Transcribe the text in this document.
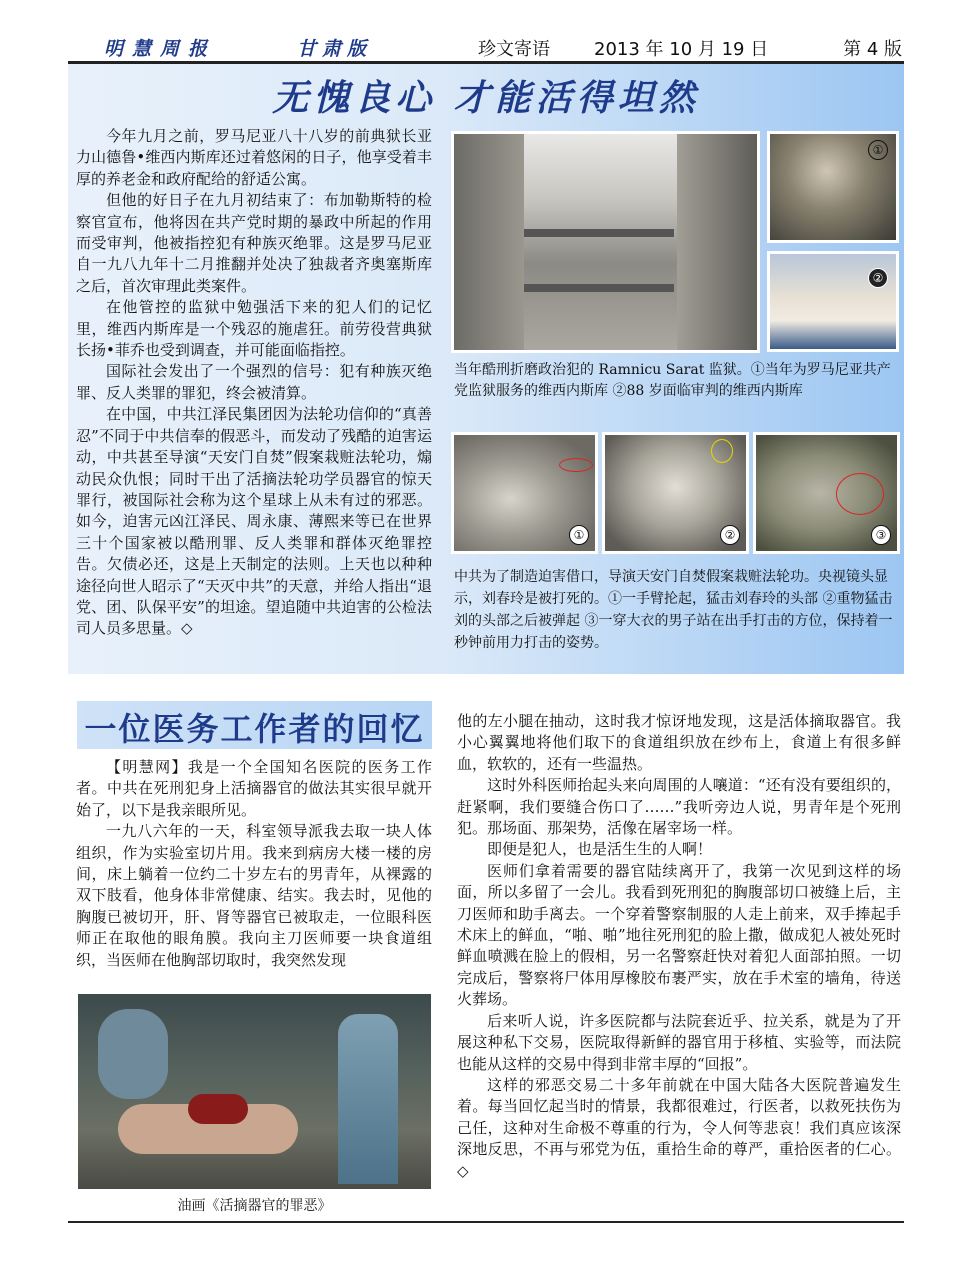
明慧周报	甘肃版	珍文寄语 2013 年 10 月 19 日	第 4 版
无愧良心 才能活得坦然

今年九月之前，罗马尼亚八十八岁的前典狱长亚力山德鲁•维西内斯库还过着悠闲的日子，他享受着丰厚的养老金和政府配给的舒适公寓。

但他的好日子在九月初结束了：布加勒斯特的检察官宣布，他将因在共产党时期的暴政中所起的作用而受审判，他被指控犯有种族灭绝罪。这是罗马尼亚自一九八九年十二月推翻并处决了独裁者齐奥塞斯库之后，首次审理此类案件。

在他管控的监狱中勉强活下来的犯人们的记忆里，维西内斯库是一个残忍的施虐狂。前劳役营典狱长扬•菲乔也受到调查，并可能面临指控。

国际社会发出了一个强烈的信号：犯有种族灭绝罪、反人类罪的罪犯，终会被清算。

在中国，中共江泽民集团因为法轮功信仰的“真善忍”不同于中共信奉的假恶斗，而发动了残酷的迫害运动，中共甚至导演“天安门自焚”假案栽赃法轮功，煽动民众仇恨；同时干出了活摘法轮功学员器官的惊天罪行，被国际社会称为这个星球上从未有过的邪恶。如今，迫害元凶江泽民、周永康、薄熙来等已在世界三十个国家被以酷刑罪、反人类罪和群体灭绝罪控告。欠债必还，这是上天制定的法则。上天也以种种途径向世人昭示了“天灭中共”的天意，并给人指出“退党、团、队保平安”的坦途。望追随中共迫害的公检法司人员多思量。◇

①
②
当年酷刑折磨政治犯的 Ramnicu Sarat 监狱。①当年为罗马尼亚共产党监狱服务的维西内斯库 ②88 岁面临审判的维西内斯库
①	②	③
中共为了制造迫害借口，导演天安门自焚假案栽赃法轮功。央视镜头显示，刘春玲是被打死的。①一手臂抡起，猛击刘春玲的头部 ②重物猛击刘的头部之后被弹起 ③一穿大衣的男子站在出手打击的方位，保持着一秒钟前用力打击的姿势。
一位医务工作者的回忆

【明慧网】我是一个全国知名医院的医务工作者。中共在死刑犯身上活摘器官的做法其实很早就开始了，以下是我亲眼所见。

一九八六年的一天，科室领导派我去取一块人体组织，作为实验室切片用。我来到病房大楼一楼的房间，床上躺着一位约二十岁左右的男青年，从裸露的双下肢看，他身体非常健康、结实。我去时，见他的胸腹已被切开，肝、肾等器官已被取走，一位眼科医师正在取他的眼角膜。我向主刀医师要一块食道组织，当医师在他胸部切取时，我突然发现

油画《活摘器官的罪恶》

他的左小腿在抽动，这时我才惊讶地发现，这是活体摘取器官。我小心翼翼地将他们取下的食道组织放在纱布上，食道上有很多鲜血，软软的，还有一些温热。

这时外科医师抬起头来向周围的人嚷道：“还有没有要组织的，赶紧啊，我们要缝合伤口了……”我听旁边人说，男青年是个死刑犯。那场面、那架势，活像在屠宰场一样。

即便是犯人，也是活生生的人啊！

医师们拿着需要的器官陆续离开了，我第一次见到这样的场面，所以多留了一会儿。我看到死刑犯的胸腹部切口被缝上后，主刀医师和助手离去。一个穿着警察制服的人走上前来，双手捧起手术床上的鲜血，“啪、啪”地往死刑犯的脸上撒，做成犯人被处死时鲜血喷溅在脸上的假相，另一名警察赶快对着犯人面部拍照。一切完成后，警察将尸体用厚橡胶布裹严实，放在手术室的墙角，待送火葬场。

后来听人说，许多医院都与法院套近乎、拉关系，就是为了开展这种私下交易，医院取得新鲜的器官用于移植、实验等，而法院也能从这样的交易中得到非常丰厚的“回报”。

这样的邪恶交易二十多年前就在中国大陆各大医院普遍发生着。每当回忆起当时的情景，我都很难过，行医者，以救死扶伤为己任，这种对生命极不尊重的行为，令人何等悲哀！我们真应该深深地反思，不再与邪党为伍，重拾生命的尊严，重拾医者的仁心。◇
